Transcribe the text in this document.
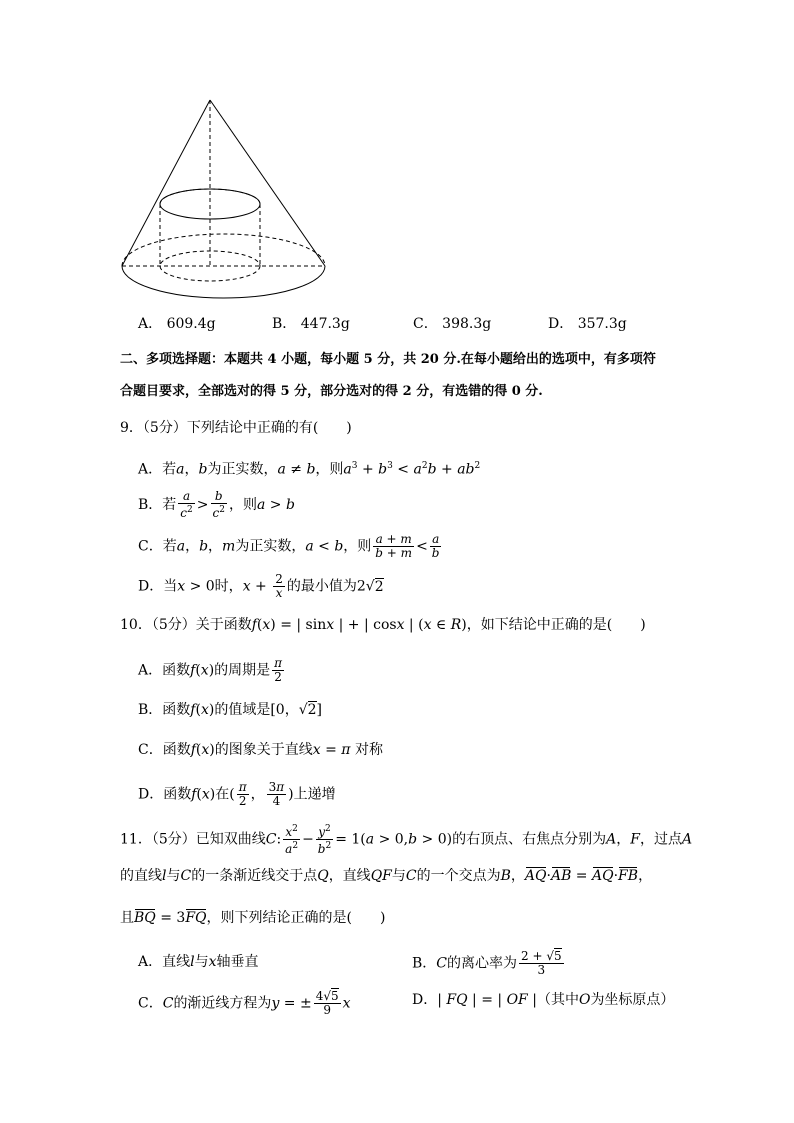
A． 609.4g	B． 447.3g	C． 398.3g	D． 357.3g
二、多项选择题：本题共 4 小题，每小题 5 分，共 20 分.在每小题给出的选项中，有多项符
合题目要求，全部选对的得 5 分，部分选对的得 2 分，有选错的得 0 分.
9．（5分）下列结论中正确的有(　　)
A．若a，b为正实数，a ≠ b，则$a^3 + b^3 < a^2b + ab^2$
B．若 $\frac{a}{c^2} > \frac{b}{c^2}$ ，则a > b
C．若a，b，m为正实数，a < b，则 $\frac{a + m}{b + m} < \frac{a}{b}$
D．当x > 0时，$x + \frac{2}{x}$ 的最小值为2√2
10．（5分）关于函数f(x) = | sinx | + | cosx | (x ∈ R)，如下结论中正确的是(　　)
A．函数f(x)的周期是 $\frac{\pi}{2}$
B．函数f(x)的值域是[0，√2]
C．函数f(x)的图象关于直线x = π 对称
D．函数f(x)在( $\frac{\pi}{2}$ ， $\frac{3\pi}{4}$ )上递增
11．（5分）已知双曲线C: $\frac{x^2}{a^2} - \frac{y^2}{b^2} = 1(a > 0,b > 0)$的右顶点、右焦点分别为A，F，过点A
的直线l与C的一条渐近线交于点Q，直线QF与C的一个交点为B，AQ·AB = AQ·FB，
且BQ = 3FQ，则下列结论正确的是(　　)
A．直线l与x轴垂直	B．C的离心率为 $\frac{2 + √5}{3}$
C．C的渐近线方程为y = ± $\frac{4√5}{9}$ x	D．| FQ | = | OF |（其中O为坐标原点）
